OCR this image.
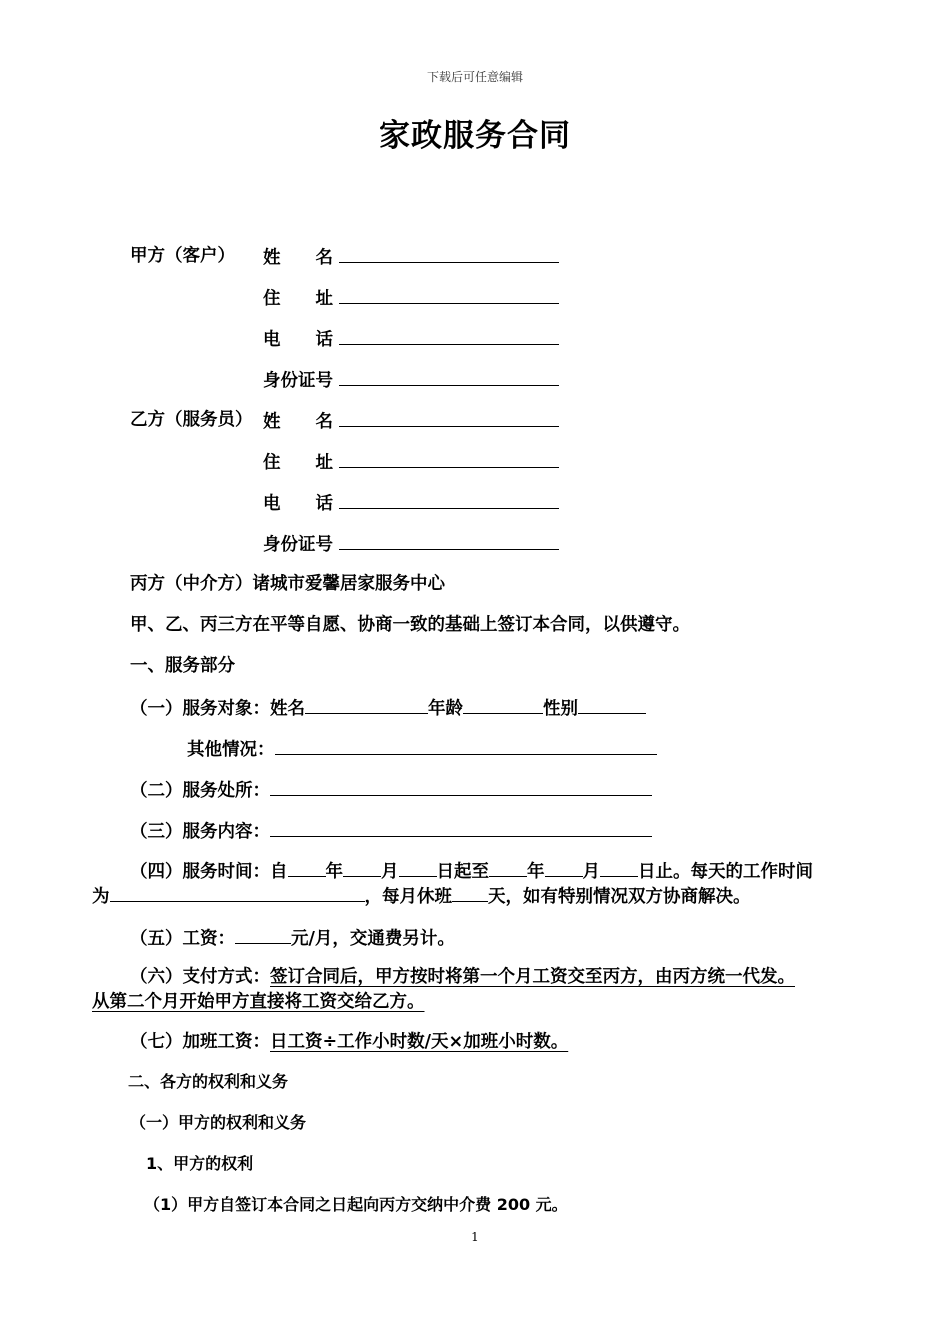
下载后可任意编辑
家政服务合同
甲方（客户） 姓　　名
住　　址
电　　话
身份证号
乙方（服务员） 姓　　名
住　　址
电　　话
身份证号
丙方（中介方）诸城市爱馨居家服务中心
甲、乙、丙三方在平等自愿、协商一致的基础上签订本合同，以供遵守。
一、服务部分
（一）服务对象：姓名	年龄	性别
其他情况：
（二）服务处所：
（三）服务内容：
（四）服务时间：自 年 月 日起至 年 月 日止。每天的工作时间
为	，每月休班 天，如有特别情况双方协商解决。
（五）工资：	元/月，交通费另计。
（六）支付方式：签订合同后，甲方按时将第一个月工资交至丙方，由丙方统一代发。
从第二个月开始甲方直接将工资交给乙方。
（七）加班工资：日工资÷工作小时数/天×加班小时数。
二、各方的权利和义务
（一）甲方的权利和义务
1、甲方的权利
（1）甲方自签订本合同之日起向丙方交纳中介费 200 元。
1
